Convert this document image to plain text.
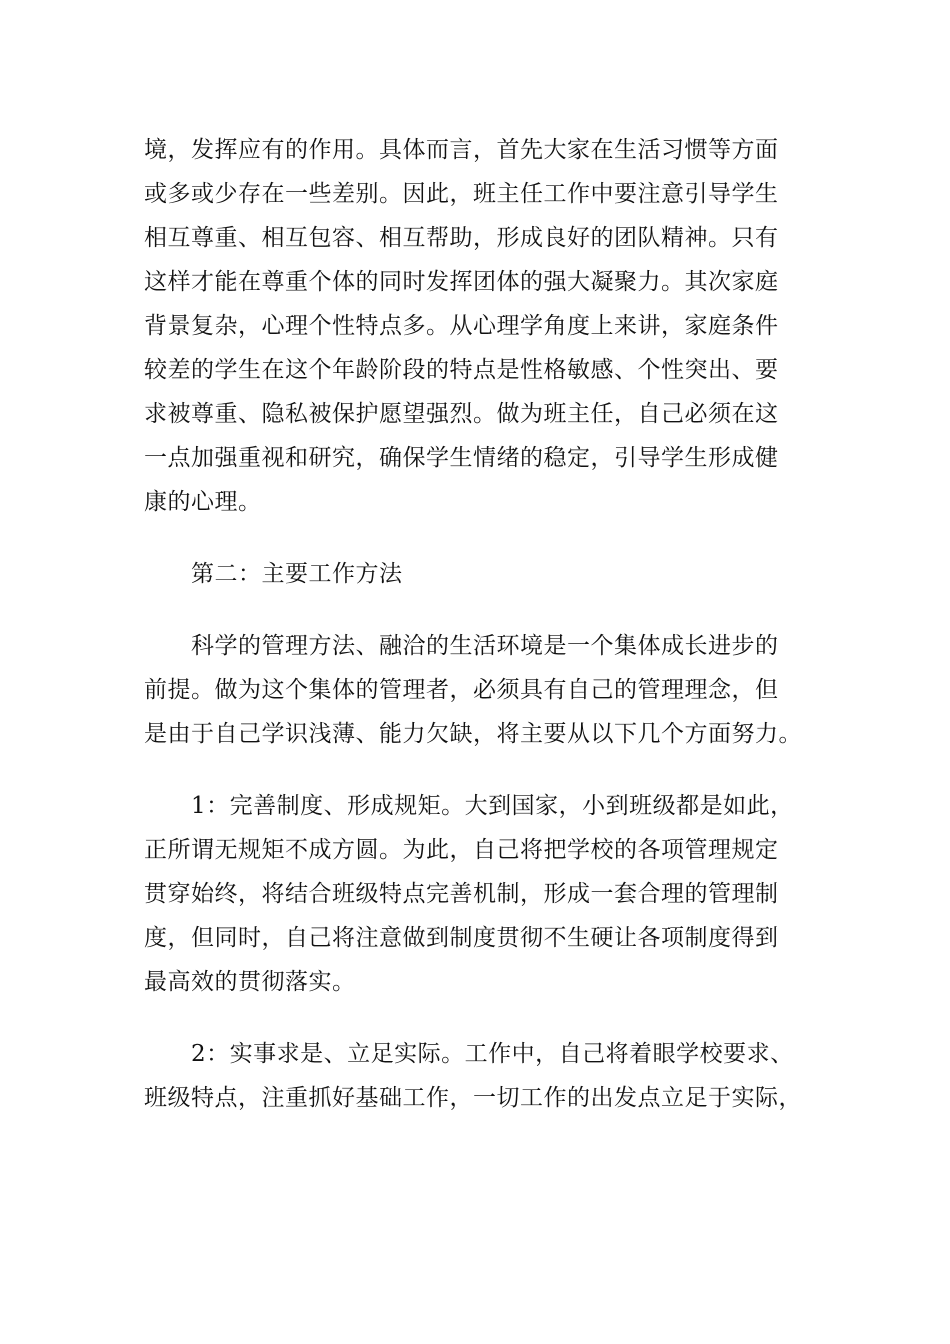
境，发挥应有的作用。具体而言，首先大家在生活习惯等方面
或多或少存在一些差别。因此，班主任工作中要注意引导学生
相互尊重、相互包容、相互帮助，形成良好的团队精神。只有
这样才能在尊重个体的同时发挥团体的强大凝聚力。其次家庭
背景复杂，心理个性特点多。从心理学角度上来讲，家庭条件
较差的学生在这个年龄阶段的特点是性格敏感、个性突出、要
求被尊重、隐私被保护愿望强烈。做为班主任，自己必须在这
一点加强重视和研究，确保学生情绪的稳定，引导学生形成健
康的心理。

第二：主要工作方法

科学的管理方法、融洽的生活环境是一个集体成长进步的
前提。做为这个集体的管理者，必须具有自己的管理理念，但
是由于自己学识浅薄、能力欠缺，将主要从以下几个方面努力。

1：完善制度、形成规矩。大到国家，小到班级都是如此，
正所谓无规矩不成方圆。为此，自己将把学校的各项管理规定
贯穿始终，将结合班级特点完善机制，形成一套合理的管理制
度，但同时，自己将注意做到制度贯彻不生硬让各项制度得到
最高效的贯彻落实。

2：实事求是、立足实际。工作中，自己将着眼学校要求、
班级特点，注重抓好基础工作，一切工作的出发点立足于实际，
